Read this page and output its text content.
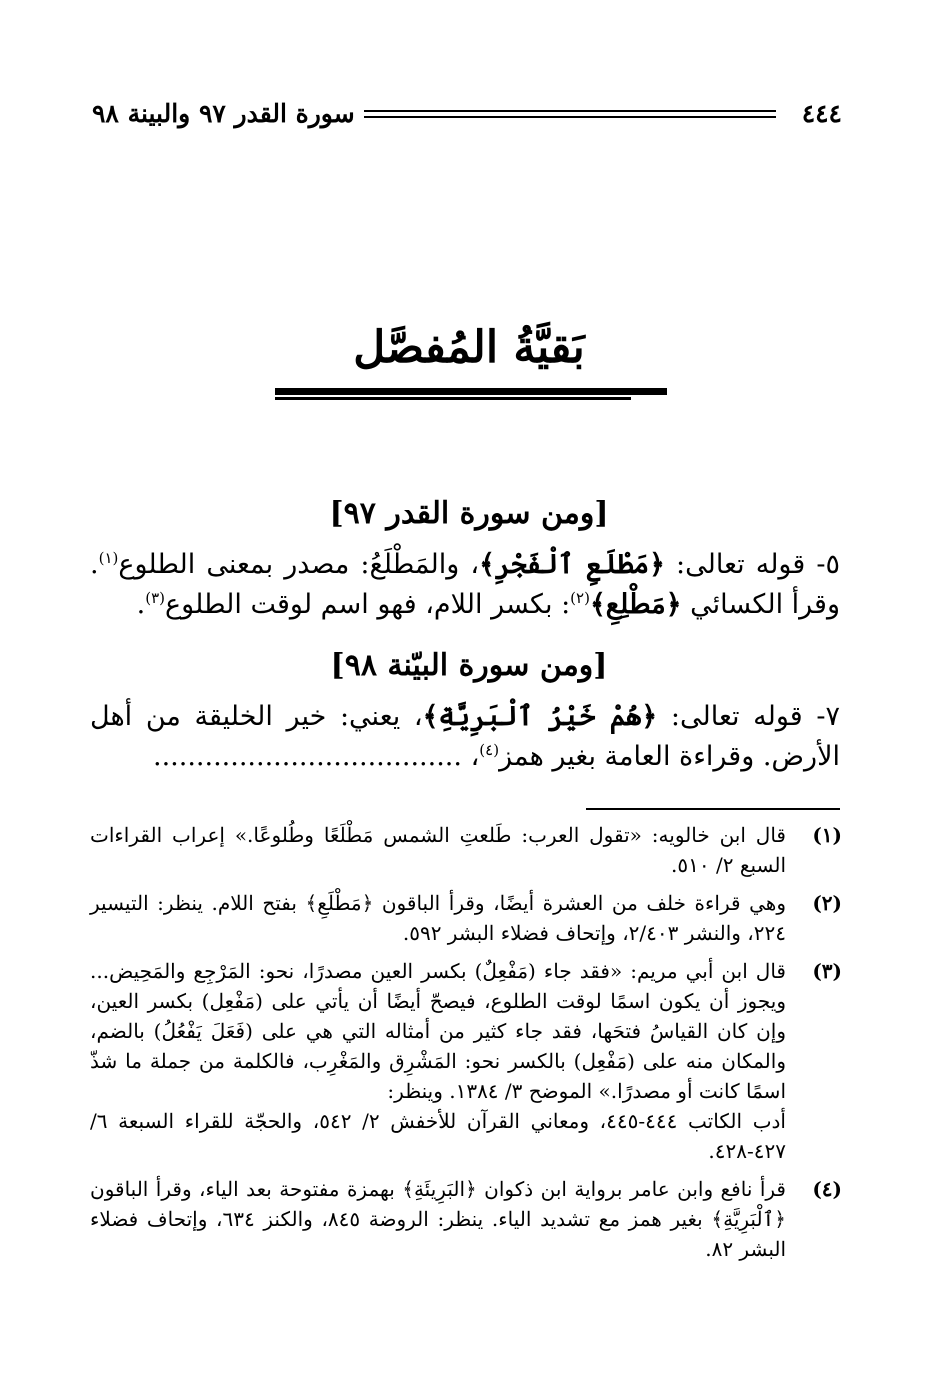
٤٤٤
سورة القدر ٩٧ والبينة ٩٨
بَقيَّةُ المُفصَّل
[ومن سورة القدر ٩٧]
٥- قوله تعالى: ﴿مَطْلَعِ ٱلْفَجْرِ﴾، والمَطْلَعُ: مصدر بمعنى الطلوع$^{(١)}$. وقرأ الكسائي ﴿مَطْلِعِ﴾$^{(٢)}$: بكسر اللام، فهو اسم لوقت الطلوع$^{(٣)}$.
[ومن سورة البيّنة ٩٨]
٧- قوله تعالى: ﴿هُمْ خَيْرُ ٱلْبَرِيَّةِ﴾، يعني: خير الخليقة من أهل الأرض. وقراءة العامة بغير همز$^{(٤)}$، ....................................
(١)
قال ابن خالويه: «تقول العرب: طَلعتِ الشمس مَطْلَعًا وطُلوعًا.» إعراب القراءات السبع ٢/ ٥١٠.
(٢)
وهي قراءة خلف من العشرة أيضًا، وقرأ الباقون ﴿مَطْلَعِ﴾ بفتح اللام. ينظر: التيسير ٢٢٤، والنشر ٢/٤٠٣، وإتحاف فضلاء البشر ٥٩٢.
(٣)
قال ابن أبي مريم: «فقد جاء (مَفْعِلٌ) بكسر العين مصدرًا، نحو: المَرْجِع والمَحِيض... ويجوز أن يكون اسمًا لوقت الطلوع، فيصحّ أيضًا أن يأتي على (مَفْعِل) بكسر العين، وإن كان القياسُ فتحَها، فقد جاء كثير من أمثاله التي هي على (فَعَلَ يَفْعُلُ) بالضم، والمكان منه على (مَفْعِل) بالكسر نحو: المَشْرِق والمَغْرِب، فالكلمة من جملة ما شذّ اسمًا كانت أو مصدرًا.» الموضح ٣/ ١٣٨٤. وينظر:
أدب الكاتب ٤٤٤-٤٤٥، ومعاني القرآن للأخفش ٢/ ٥٤٢، والحجّة للقراء السبعة ٦/ ٤٢٧-٤٢٨.
(٤)
قرأ نافع وابن عامر برواية ابن ذكوان ﴿البَرِيئَةِ﴾ بهمزة مفتوحة بعد الياء، وقرأ الباقون ﴿ٱلْبَرِيَّةِ﴾ بغير همز مع تشديد الياء. ينظر: الروضة ٨٤٥، والكنز ٦٣٤، وإتحاف فضلاء البشر ٨٢.
